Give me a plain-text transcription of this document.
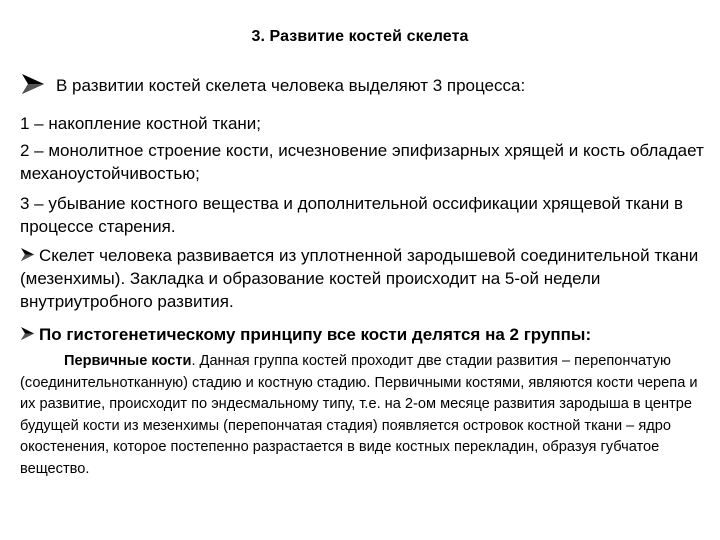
3. Развитие костей скелета
В развитии костей скелета человека выделяют 3 процесса:
1 – накопление костной ткани;
2 – монолитное строение кости, исчезновение эпифизарных хрящей и кость обладает механоустойчивостью;
3 – убывание костного вещества и дополнительной оссификации хрящевой ткани в процессе старения.
Скелет человека развивается из уплотненной зародышевой соединительной ткани (мезенхимы). Закладка и образование костей происходит на 5-ой недели внутриутробного развития.
По гистогенетическому принципу все кости делятся на 2 группы:
Первичные кости. Данная группа костей проходит две стадии развития – перепончатую (соединительнотканную) стадию и костную стадию. Первичными костями, являются кости черепа и их развитие, происходит по эндесмальному типу, т.е. на 2-ом месяце развития зародыша в центре будущей кости из мезенхимы (перепончатая стадия) появляется островок костной ткани – ядро окостенения, которое постепенно разрастается в виде костных перекладин, образуя губчатое вещество.
